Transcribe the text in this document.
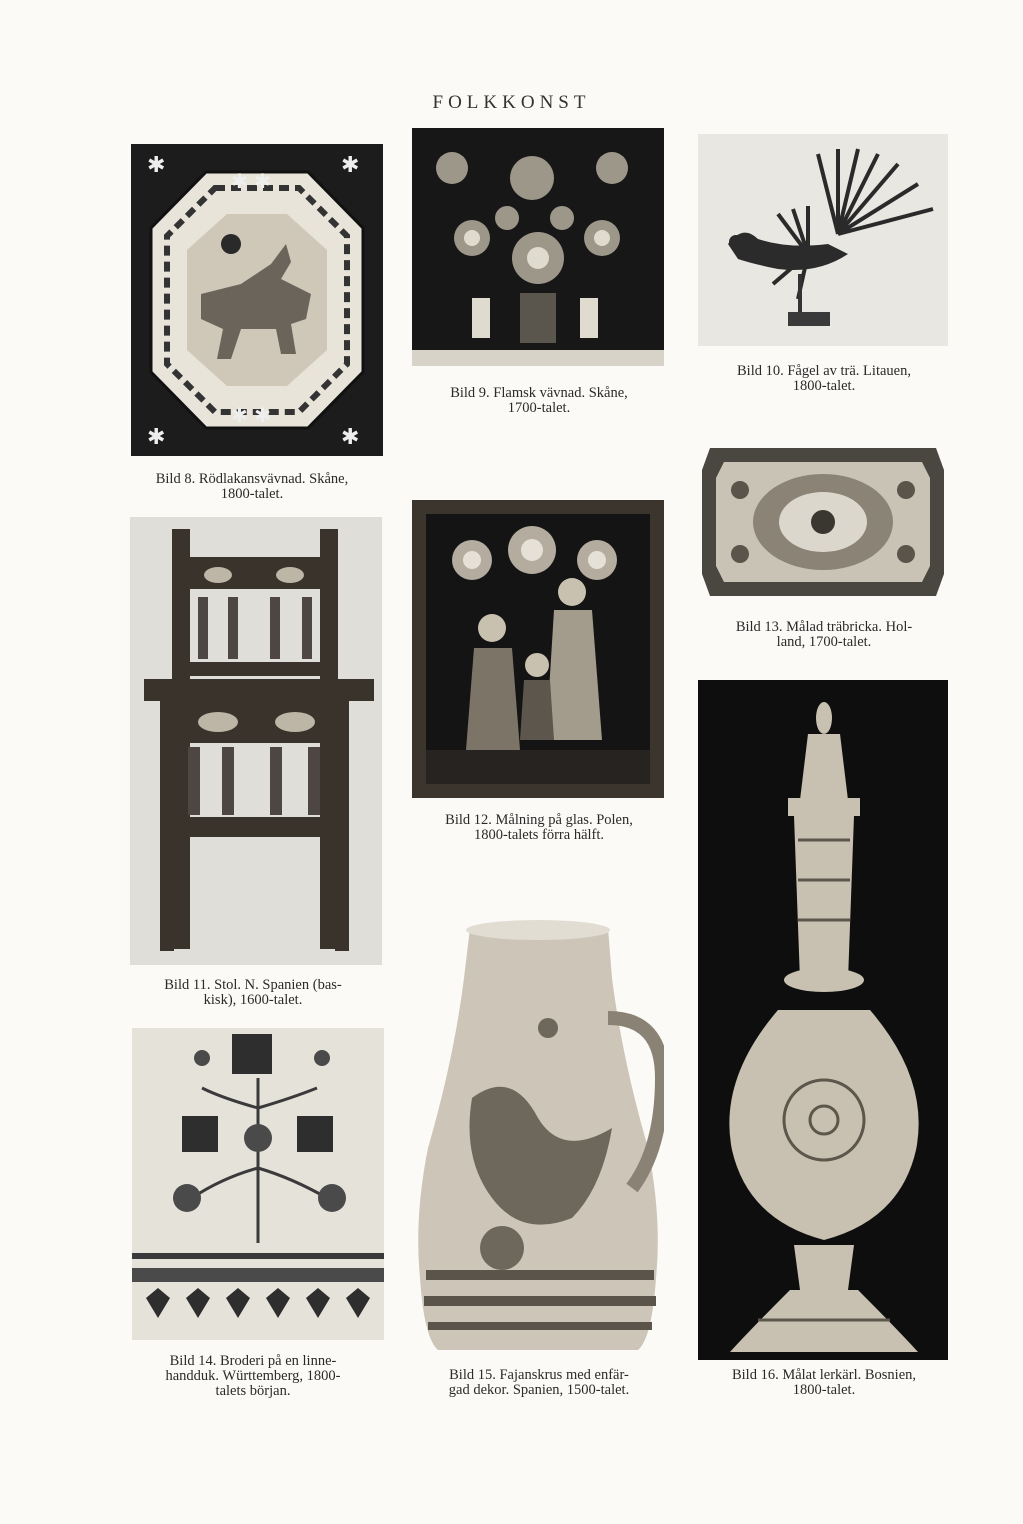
FOLKKONST
✱	✱
✱	✱
✱ ✱
✱ ✱
Bild 8. Rödlakansvävnad. Skåne,
1800-talet.
Bild 9. Flamsk vävnad. Skåne,
1700-talet.
Bild 10. Fågel av trä. Litauen,
1800-talet.
Bild 11. Stol. N. Spanien (bas-
kisk), 1600-talet.
Bild 12. Målning på glas. Polen,
1800-talets förra hälft.
Bild 13. Målad träbricka. Hol-
land, 1700-talet.
Bild 14. Broderi på en linne-
handduk. Württemberg, 1800-
talets början.
Bild 15. Fajanskrus med enfär-
gad dekor. Spanien, 1500-talet.
Bild 16. Målat lerkärl. Bosnien,
1800-talet.
